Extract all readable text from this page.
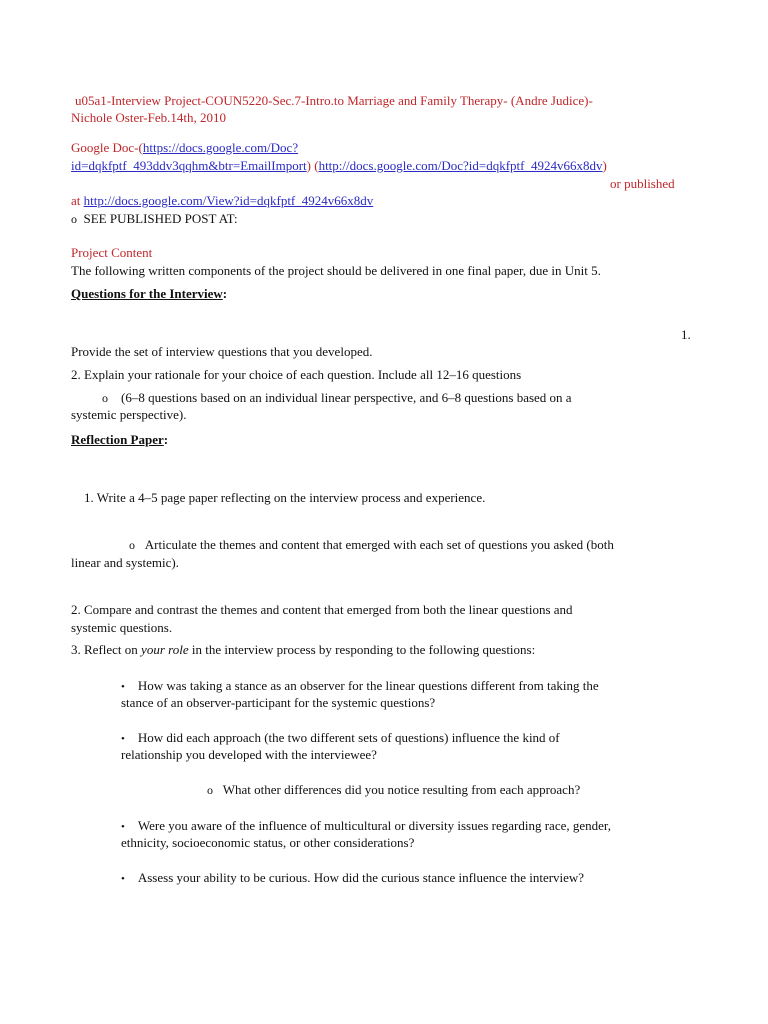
u05a1-Interview Project-COUN5220-Sec.7-Intro.to Marriage and Family Therapy- (Andre Judice)-
Nichole Oster-Feb.14th, 2010
Google Doc-(https://docs.google.com/Doc?
id=dqkfptf_493ddv3qqhm&btr=EmailImport) (http://docs.google.com/Doc?id=dqkfptf_4924v66x8dv)
or published
at http://docs.google.com/View?id=dqkfptf_4924v66x8dv
o SEE PUBLISHED POST AT:
Project Content
The following written components of the project should be delivered in one final paper, due in Unit 5.
Questions for the Interview:
1.
Provide the set of interview questions that you developed.
2. Explain your rationale for your choice of each question. Include all 12–16 questions
o (6–8 questions based on an individual linear perspective, and 6–8 questions based on a
systemic perspective).
Reflection Paper:
1. Write a 4–5 page paper reflecting on the interview process and experience.
o Articulate the themes and content that emerged with each set of questions you asked (both
linear and systemic).
2. Compare and contrast the themes and content that emerged from both the linear questions and
systemic questions.
3. Reflect on your role in the interview process by responding to the following questions:
• How was taking a stance as an observer for the linear questions different from taking the
stance of an observer-participant for the systemic questions?
• How did each approach (the two different sets of questions) influence the kind of
relationship you developed with the interviewee?
o What other differences did you notice resulting from each approach?
• Were you aware of the influence of multicultural or diversity issues regarding race, gender,
ethnicity, socioeconomic status, or other considerations?
• Assess your ability to be curious. How did the curious stance influence the interview?
